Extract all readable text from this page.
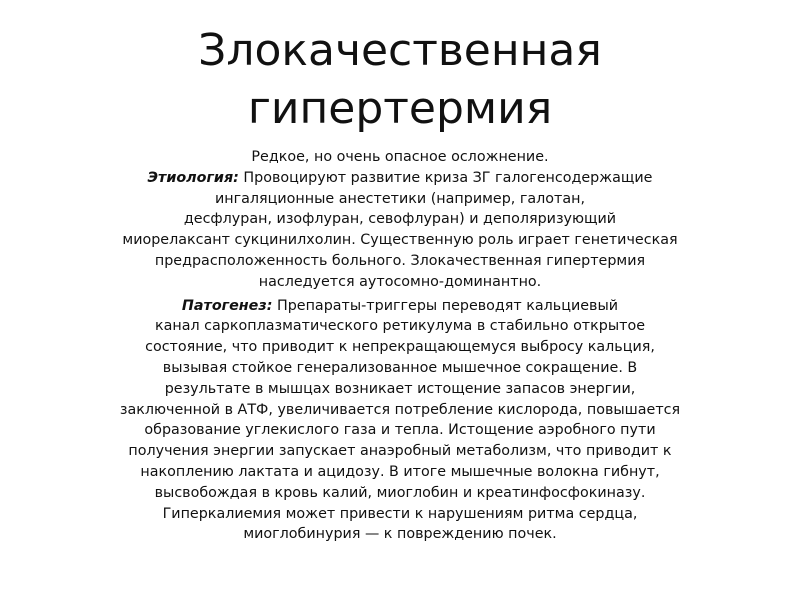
Злокачественная
гипертермия
Редкое, но очень опасное осложнение.
Этиология: Провоцируют развитие криза ЗГ галогенсодержащие
ингаляционные анестетики (например, галотан,
десфлуран, изофлуран, севофлуран) и деполяризующий
миорелаксант сукцинилхолин. Существенную роль играет генетическая
предрасположенность больного. Злокачественная гипертермия
наследуется аутосомно-доминантно.
Патогенез: Препараты-триггеры переводят кальциевый
канал саркоплазматического ретикулума в стабильно открытое
состояние, что приводит к непрекращающемуся выбросу кальция,
вызывая стойкое генерализованное мышечное сокращение. В
результате в мышцах возникает истощение запасов энергии,
заключенной в АТФ, увеличивается потребление кислорода, повышается
образование углекислого газа и тепла. Истощение аэробного пути
получения энергии запускает анаэробный метаболизм, что приводит к
накоплению лактата и ацидозу. В итоге мышечные волокна гибнут,
высвобождая в кровь калий, миоглобин и креатинфосфокиназу.
Гиперкалиемия может привести к нарушениям ритма сердца,
миоглобинурия — к повреждению почек.
